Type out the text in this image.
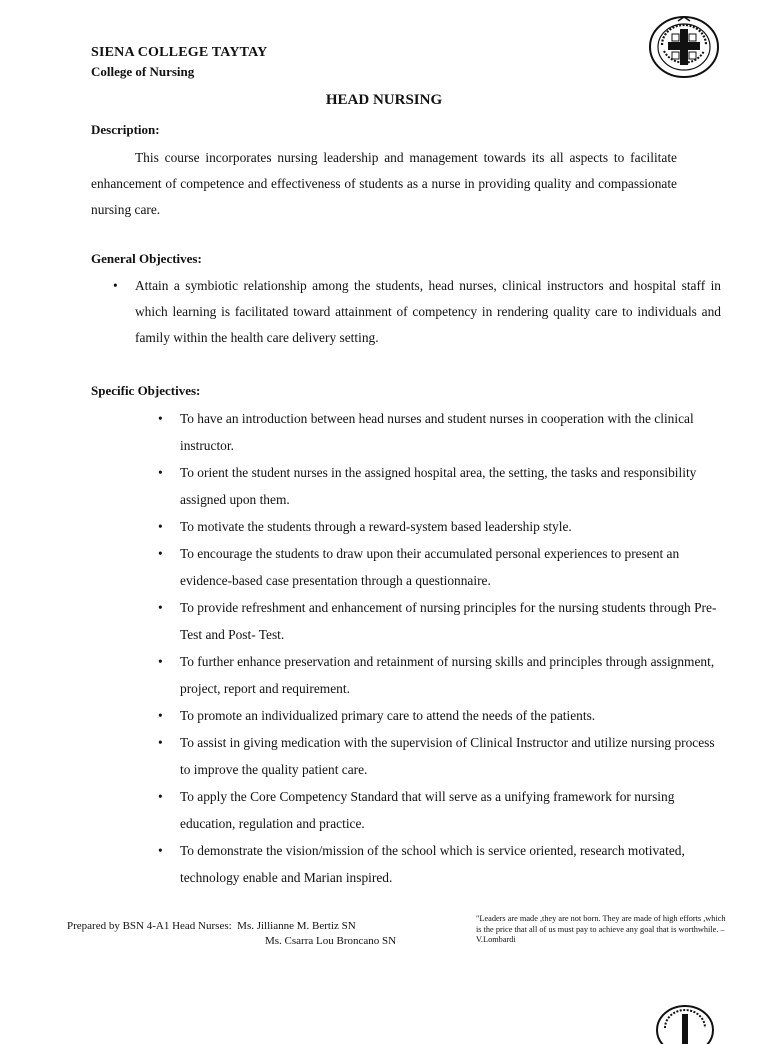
SIENA COLLEGE TAYTAY
College of Nursing
HEAD NURSING
Description:
This course incorporates nursing leadership and management towards its all aspects to facilitate enhancement of competence and effectiveness of students as a nurse in providing quality and compassionate nursing care.
General Objectives:
• Attain a symbiotic relationship among the students, head nurses, clinical instructors and hospital staff in which learning is facilitated toward attainment of competency in rendering quality care to individuals and family within the health care delivery setting.
Specific Objectives:
• To have an introduction between head nurses and student nurses in cooperation with the clinical instructor.
• To orient the student nurses in the assigned hospital area, the setting, the tasks and responsibility assigned upon them.
• To motivate the students through a reward-system based leadership style.
• To encourage the students to draw upon their accumulated personal experiences to present an evidence-based case presentation through a questionnaire.
• To provide refreshment and enhancement of nursing principles for the nursing students through Pre- Test and Post- Test.
• To further enhance preservation and retainment of nursing skills and principles through assignment, project, report and requirement.
• To promote an individualized primary care to attend the needs of the patients.
• To assist in giving medication with the supervision of Clinical Instructor and utilize nursing process to improve the quality patient care.
• To apply the Core Competency Standard that will serve as a unifying framework for nursing education, regulation and practice.
• To demonstrate the vision/mission of the school which is service oriented, research motivated, technology enable and Marian inspired.
Prepared by BSN 4-A1 Head Nurses:  Ms. Jillianne M. Bertiz SN
Ms. Csarra Lou Broncano SN
"Leaders are made ,they are not born. They are made of high efforts ,which is the price that all of us must pay to achieve any goal that is worthwhile. –V.Lombardi
